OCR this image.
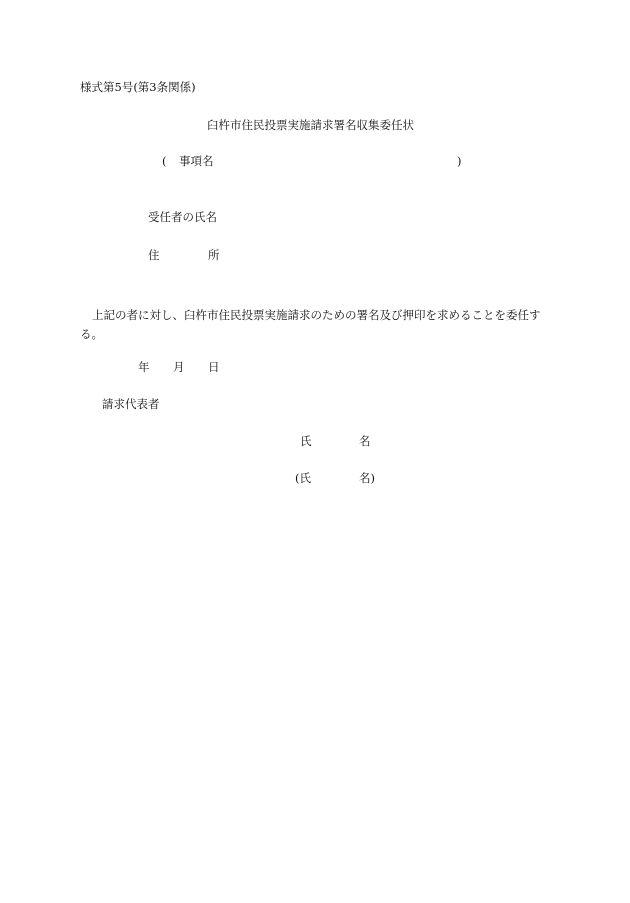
様式第5号(第3条関係)
臼杵市住民投票実施請求署名収集委任状
( 事項名	)
受任者の氏名
住	所
上記の者に対し、臼杵市住民投票実施請求のための署名及び押印を求めることを委任する。
年 月 日
請求代表者
氏	名
(氏	名)
